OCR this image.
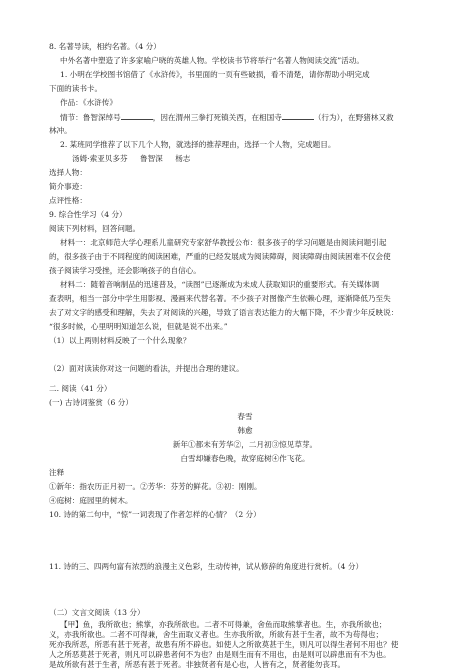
8. 名著导读，相约名著。（4 分）
中外名著中塑造了许多家喻户晓的英雄人物。学校读书节将举行“名著人物阅读交流”活动。
1. 小明在学校图书馆借了《水浒传》，书里面的一页有些破损，看不清楚，请你帮助小明完成
下面的读书卡。
作品：《水浒传》
情节：鲁智深绰号	，因在渭州三拳打死镇关西，在相国寺	（行为），在野猪林又救
林冲。
2. 某班同学推荐了以下几个人物，就选择的推荐理由，选择一个人物，完成题目。
汤姆·索亚贝多芬 鲁智深 杨志
选择人物：
简介事迹：
点评性格：
9. 综合性学习（4 分）
阅读下列材料，回答问题。
材料一：北京师范大学心理系儿童研究专家舒华教授公布：很多孩子的学习问题是由阅读问题引起
的，很多孩子由于不同程度的阅读困难，严重的已经发展成为阅读障碍，阅读障碍由阅读困难不仅会使
孩子阅读学习受挫，还会影响孩子的自信心。
材料二：随着音响制品的迅速普及，“读图”已逐渐成为未成人获取知识的重要形式。有关媒体调
查表明，相当一部分中学生用影视、漫画来代替名著。不少孩子对图像产生依赖心理，逐渐降低乃至失
去了对文字的感受和理解，失去了对阅读的兴趣，导致了语言表达能力的大幅下降，不少青少年反映说：
“很多时候，心里明明知道怎么说，但就是说不出来。”
（1）以上两则材料反映了一个什么现象？
（2）面对读读你对这一问题的看法，并提出合理的建议。
二. 阅读（41 分）
(一) 古诗词鉴赏（6 分）
春雪
韩愈
新年①都未有芳华②，二月初③惊见草芽。
白雪却嫌春色晚，故穿庭树④作飞花。
注释
①新年：指农历正月初一。②芳华：芬芳的鲜花。③初：刚刚。
④庭树：庭园里的树木。
10. 诗的第二句中，“惊”一词表现了作者怎样的心情？（2 分）
11. 诗的三、四两句富有浓烈的浪漫主义色彩，生动传神，试从修辞的角度进行赏析。（4 分）
（二）文言文阅读（13 分）
【甲】鱼，我所欲也；熊掌，亦我所欲也。二者不可得兼，舍鱼而取熊掌者也。生，亦我所欲也；
义，亦我所欲也。二者不可得兼，舍生而取义者也。生亦我所欲，所欲有甚于生者，故不为苟得也；
死亦我所恶，所恶有甚于死者，故患有所不辟也。如使人之所欲莫甚于生，则凡可以得生者何不用也？使
人之所恶莫甚于死者，则凡可以辟患者何不为也？由是则生而有不用也，由是则可以辟患而有不为也。
是故所欲有甚于生者，所恶有甚于死者。非独贤者有是心也，人皆有之，贤者能勿丧耳。
